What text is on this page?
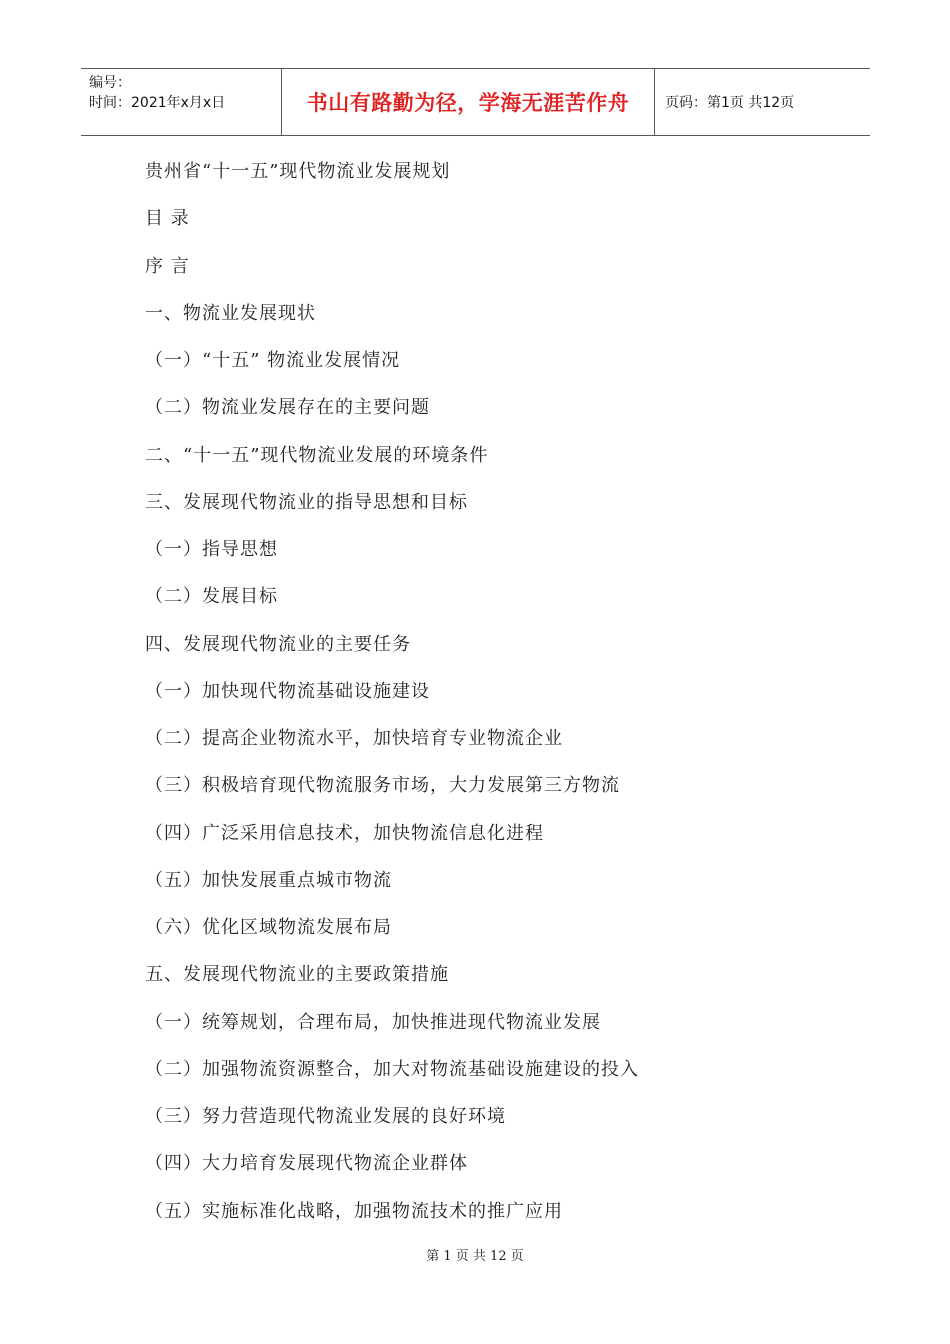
编号：
时间：2021年x月x日	书山有路勤为径，学海无涯苦作舟	页码：第1页 共12页
贵州省“十一五”现代物流业发展规划
目 录
序 言
一、物流业发展现状
（一）“十五” 物流业发展情况
（二）物流业发展存在的主要问题
二、“十一五”现代物流业发展的环境条件
三、发展现代物流业的指导思想和目标
（一）指导思想
（二）发展目标
四、发展现代物流业的主要任务
（一）加快现代物流基础设施建设
（二）提高企业物流水平，加快培育专业物流企业
（三）积极培育现代物流服务市场，大力发展第三方物流
（四）广泛采用信息技术，加快物流信息化进程
（五）加快发展重点城市物流
（六）优化区域物流发展布局
五、发展现代物流业的主要政策措施
（一）统筹规划，合理布局，加快推进现代物流业发展
（二）加强物流资源整合，加大对物流基础设施建设的投入
（三）努力营造现代物流业发展的良好环境
（四）大力培育发展现代物流企业群体
（五）实施标准化战略，加强物流技术的推广应用
第 1 页 共 12 页
